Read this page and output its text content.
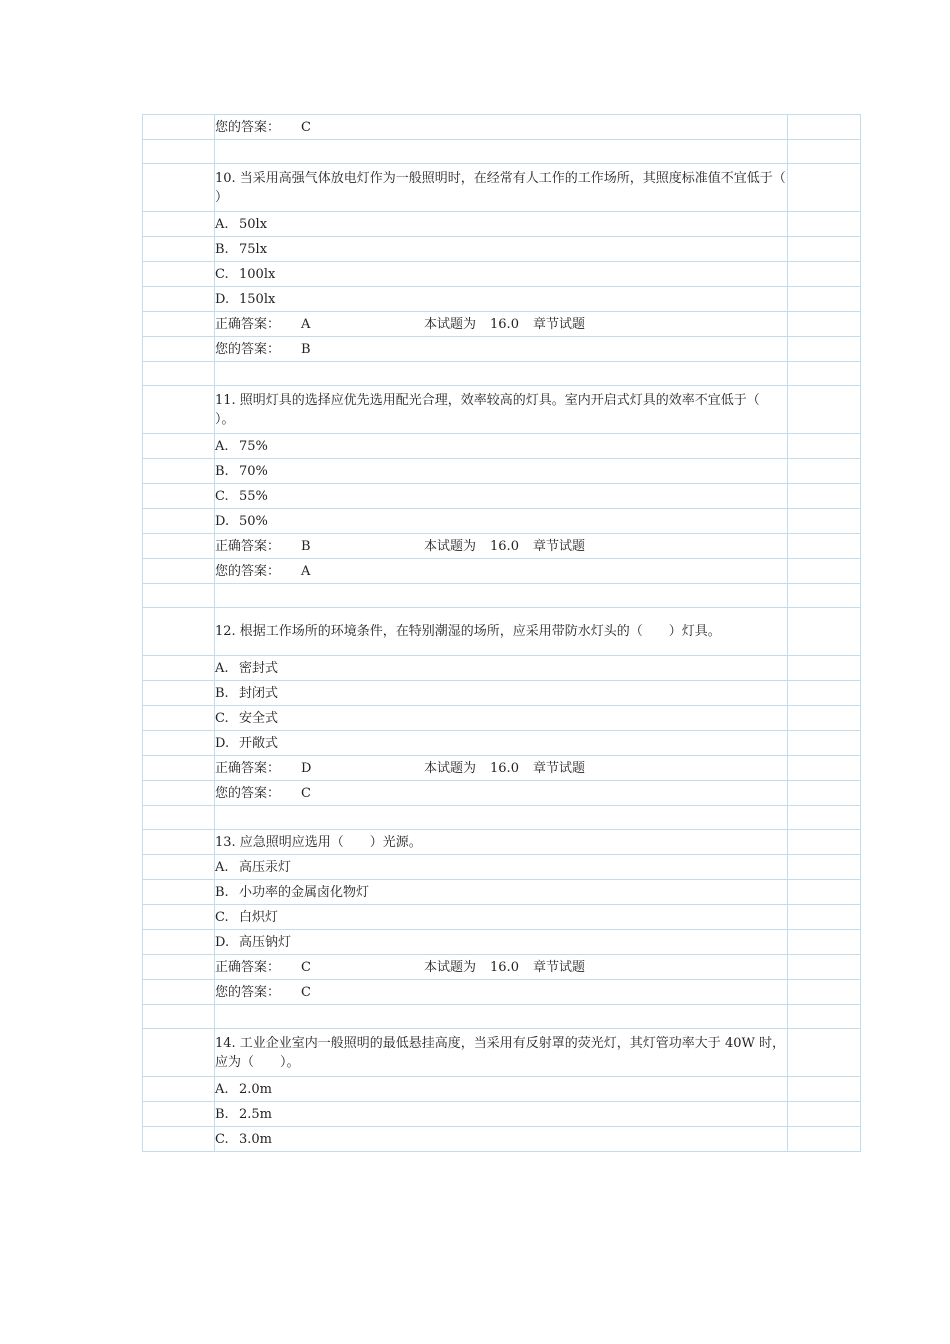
	您的答案： C	

	10. 当采用高强气体放电灯作为一般照明时，在经常有人工作的工作场所，其照度标准值不宜低于（　　）	
	A. 50lx	
	B. 75lx	
	C. 100lx	
	D. 150lx	
	正确答案： A 本试题为 16.0 章节试题	
	您的答案： B	

	11. 照明灯具的选择应优先选用配光合理，效率较高的灯具。室内开启式灯具的效率不宜低于（　　）。	
	A. 75%	
	B. 70%	
	C. 55%	
	D. 50%	
	正确答案： B 本试题为 16.0 章节试题	
	您的答案： A	

	12. 根据工作场所的环境条件，在特别潮湿的场所，应采用带防水灯头的（　　）灯具。	
	A. 密封式	
	B. 封闭式	
	C. 安全式	
	D. 开敞式	
	正确答案： D 本试题为 16.0 章节试题	
	您的答案： C	

	13. 应急照明应选用（　　）光源。	
	A. 高压汞灯	
	B. 小功率的金属卤化物灯	
	C. 白炽灯	
	D. 高压钠灯	
	正确答案： C 本试题为 16.0 章节试题	
	您的答案： C	

	14. 工业企业室内一般照明的最低悬挂高度，当采用有反射罩的荧光灯，其灯管功率大于 40W 时，应为（　　）。	
	A. 2.0m	
	B. 2.5m	
	C. 3.0m	
